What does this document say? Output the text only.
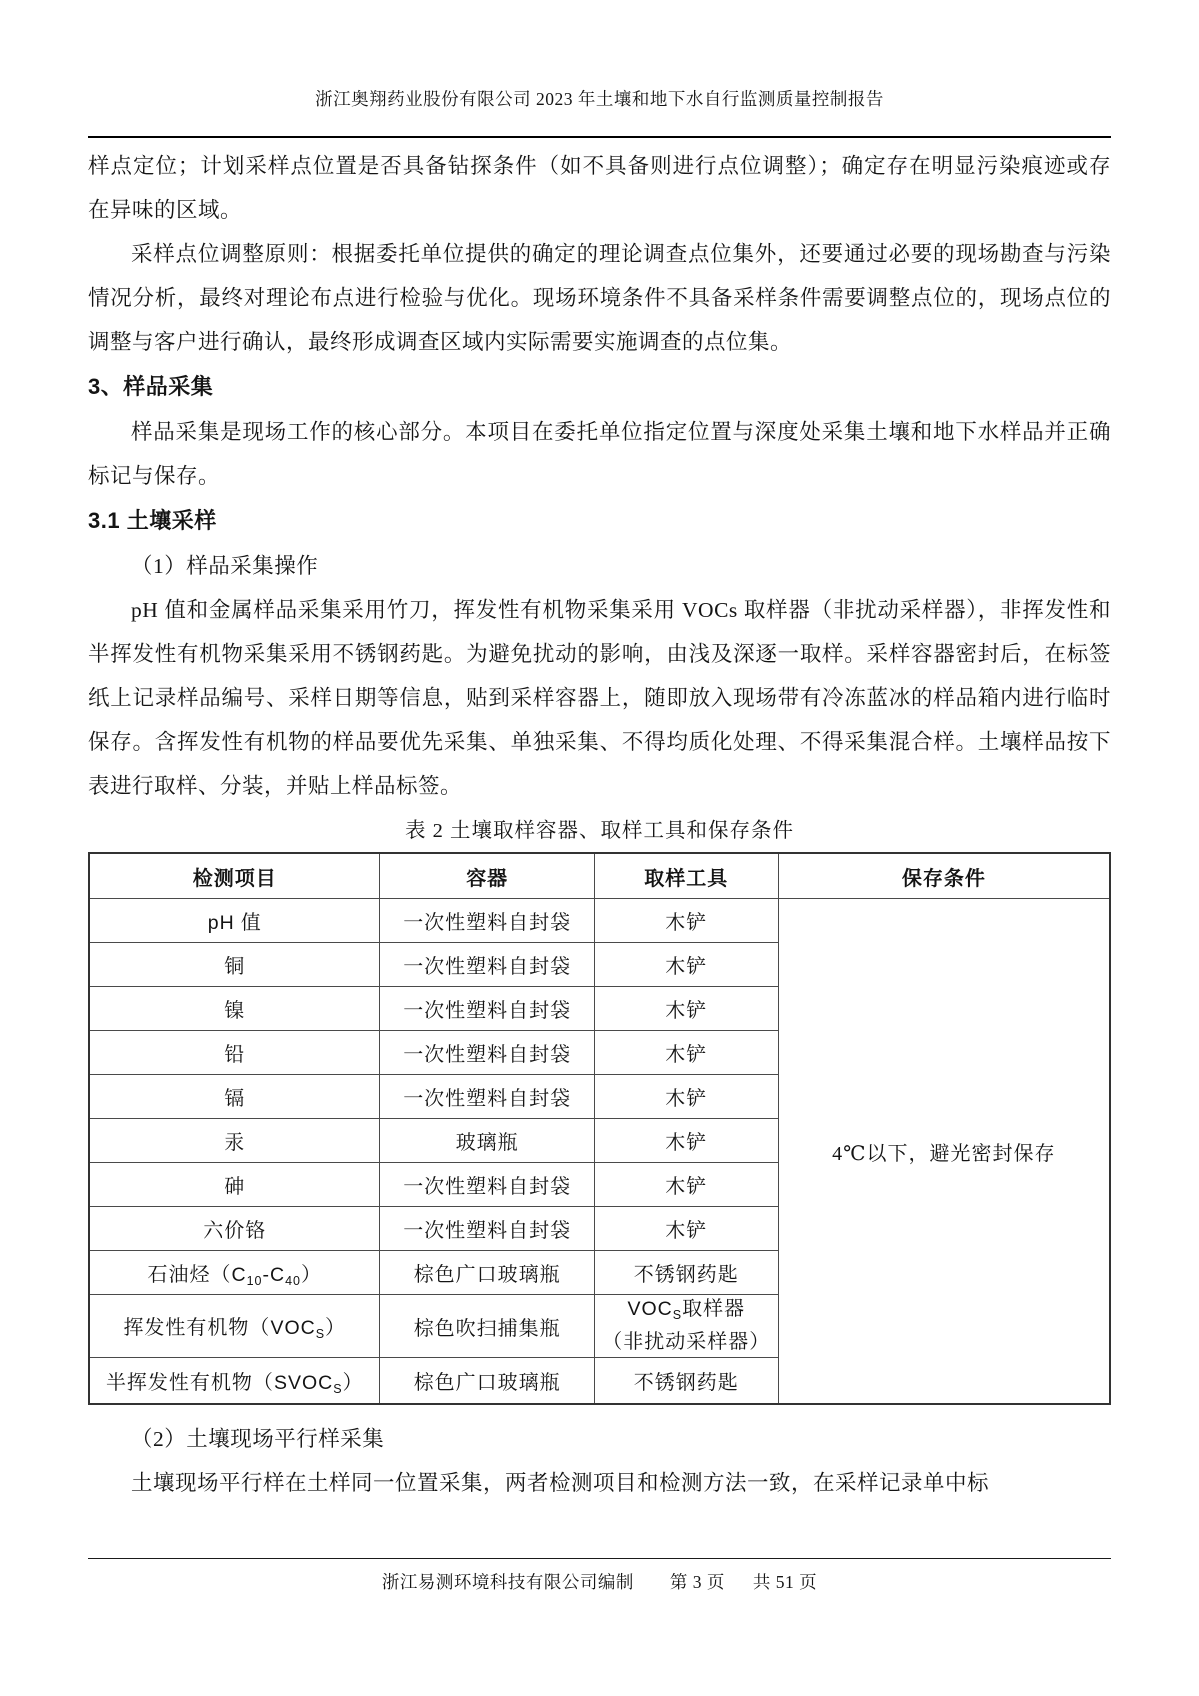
浙江奥翔药业股份有限公司 2023 年土壤和地下水自行监测质量控制报告

样点定位；计划采样点位置是否具备钻探条件（如不具备则进行点位调整）；确定存在明显污染痕迹或存在异味的区域。

采样点位调整原则：根据委托单位提供的确定的理论调查点位集外，还要通过必要的现场勘查与污染情况分析，最终对理论布点进行检验与优化。现场环境条件不具备采样条件需要调整点位的，现场点位的调整与客户进行确认，最终形成调查区域内实际需要实施调查的点位集。

3、样品采集

样品采集是现场工作的核心部分。本项目在委托单位指定位置与深度处采集土壤和地下水样品并正确标记与保存。

3.1 土壤采样

（1）样品采集操作

pH 值和金属样品采集采用竹刀，挥发性有机物采集采用 VOCs 取样器（非扰动采样器），非挥发性和半挥发性有机物采集采用不锈钢药匙。为避免扰动的影响，由浅及深逐一取样。采样容器密封后，在标签纸上记录样品编号、采样日期等信息，贴到采样容器上，随即放入现场带有冷冻蓝冰的样品箱内进行临时保存。含挥发性有机物的样品要优先采集、单独采集、不得均质化处理、不得采集混合样。土壤样品按下表进行取样、分装，并贴上样品标签。

表 2 土壤取样容器、取样工具和保存条件
检测项目	容器	取样工具	保存条件
pH 值	一次性塑料自封袋	木铲	4℃以下，避光密封保存
铜	一次性塑料自封袋	木铲	
镍	一次性塑料自封袋	木铲	
铅	一次性塑料自封袋	木铲	
镉	一次性塑料自封袋	木铲	
汞	玻璃瓶	木铲	
砷	一次性塑料自封袋	木铲	
六价铬	一次性塑料自封袋	木铲	
石油烃$(C_{10}-C_{40})$	棕色广口玻璃瓶	不锈钢药匙	
挥发性有机物$(VOC_S)$	棕色吹扫捕集瓶	$VOC_S$取样器
（非扰动采样器）	

半挥发性有机物$(SVOC_S)$	棕色广口玻璃瓶	不锈钢药匙	

（2）土壤现场平行样采集

土壤现场平行样在土样同一位置采集，两者检测项目和检测方法一致，在采样记录单中标

浙江易测环境科技有限公司编制 第 3 页 共 51 页
